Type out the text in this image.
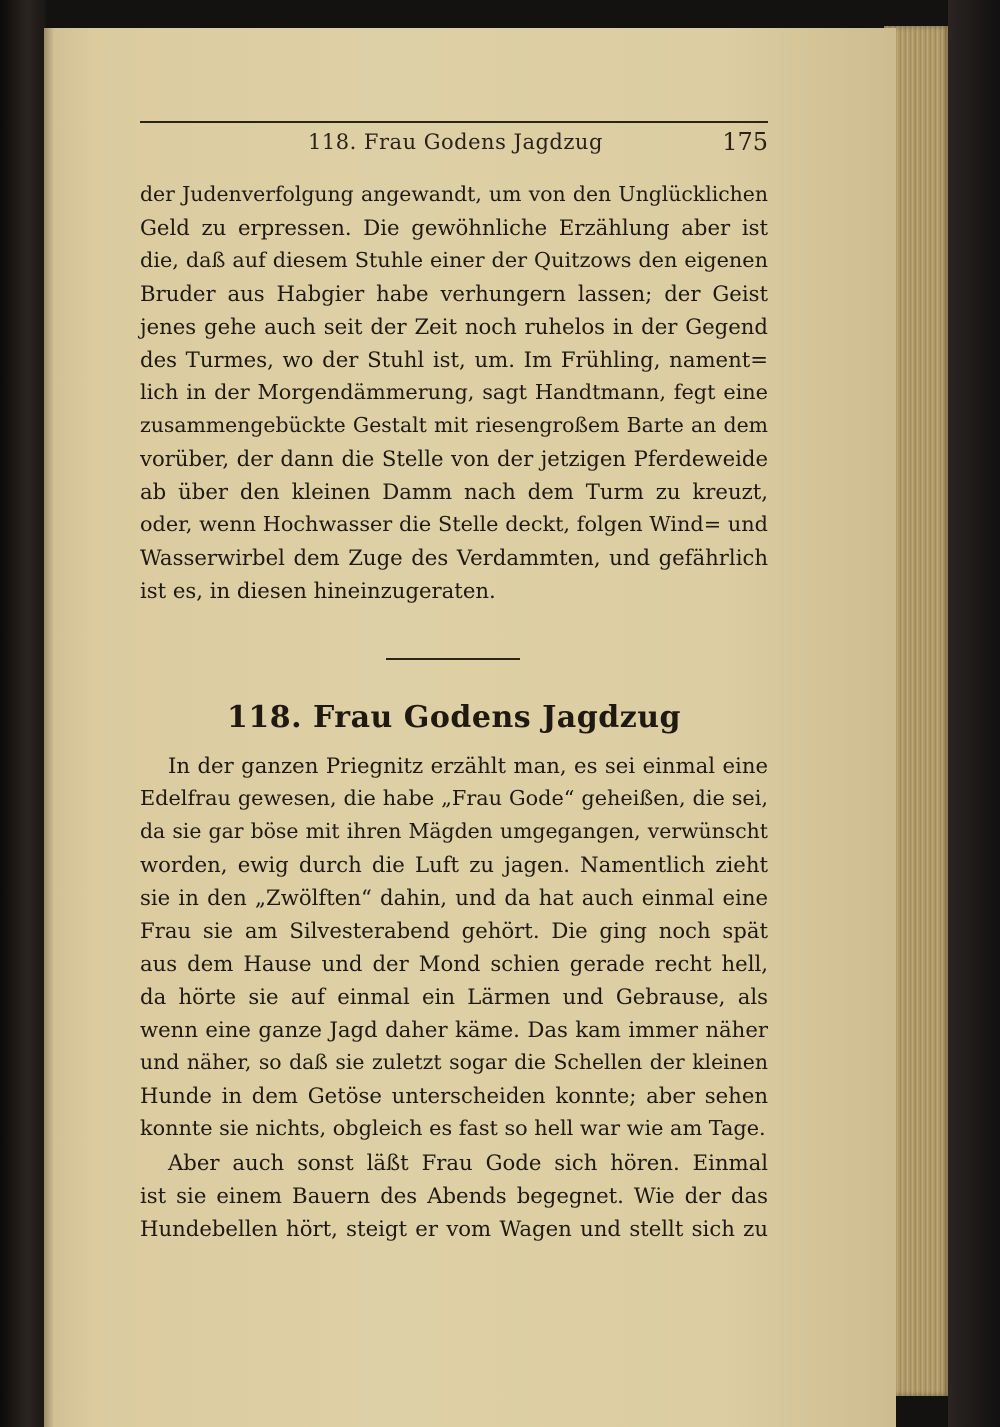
118. Frau Godens Jagdzug	175
der Judenverfolgung angewandt, um von den Unglücklichen
Geld zu erpressen. Die gewöhnliche Erzählung aber ist
die, daß auf diesem Stuhle einer der Quitzows den eigenen
Bruder aus Habgier habe verhungern lassen; der Geist
jenes gehe auch seit der Zeit noch ruhelos in der Gegend
des Turmes, wo der Stuhl ist, um. Im Frühling, nament=
lich in der Morgendämmerung, sagt Handtmann, fegt eine
zusammengebückte Gestalt mit riesengroßem Barte an dem
vorüber, der dann die Stelle von der jetzigen Pferdeweide
ab über den kleinen Damm nach dem Turm zu kreuzt,
oder, wenn Hochwasser die Stelle deckt, folgen Wind= und
Wasserwirbel dem Zuge des Verdammten, und gefährlich
ist es, in diesen hineinzugeraten.
118. Frau Godens Jagdzug
In der ganzen Priegnitz erzählt man, es sei einmal eine
Edelfrau gewesen, die habe „Frau Gode“ geheißen, die sei,
da sie gar böse mit ihren Mägden umgegangen, verwünscht
worden, ewig durch die Luft zu jagen. Namentlich zieht
sie in den „Zwölften“ dahin, und da hat auch einmal eine
Frau sie am Silvesterabend gehört. Die ging noch spät
aus dem Hause und der Mond schien gerade recht hell,
da hörte sie auf einmal ein Lärmen und Gebrause, als
wenn eine ganze Jagd daher käme. Das kam immer näher
und näher, so daß sie zuletzt sogar die Schellen der kleinen
Hunde in dem Getöse unterscheiden konnte; aber sehen
konnte sie nichts, obgleich es fast so hell war wie am Tage.
Aber auch sonst läßt Frau Gode sich hören. Einmal
ist sie einem Bauern des Abends begegnet. Wie der das
Hundebellen hört, steigt er vom Wagen und stellt sich zu
